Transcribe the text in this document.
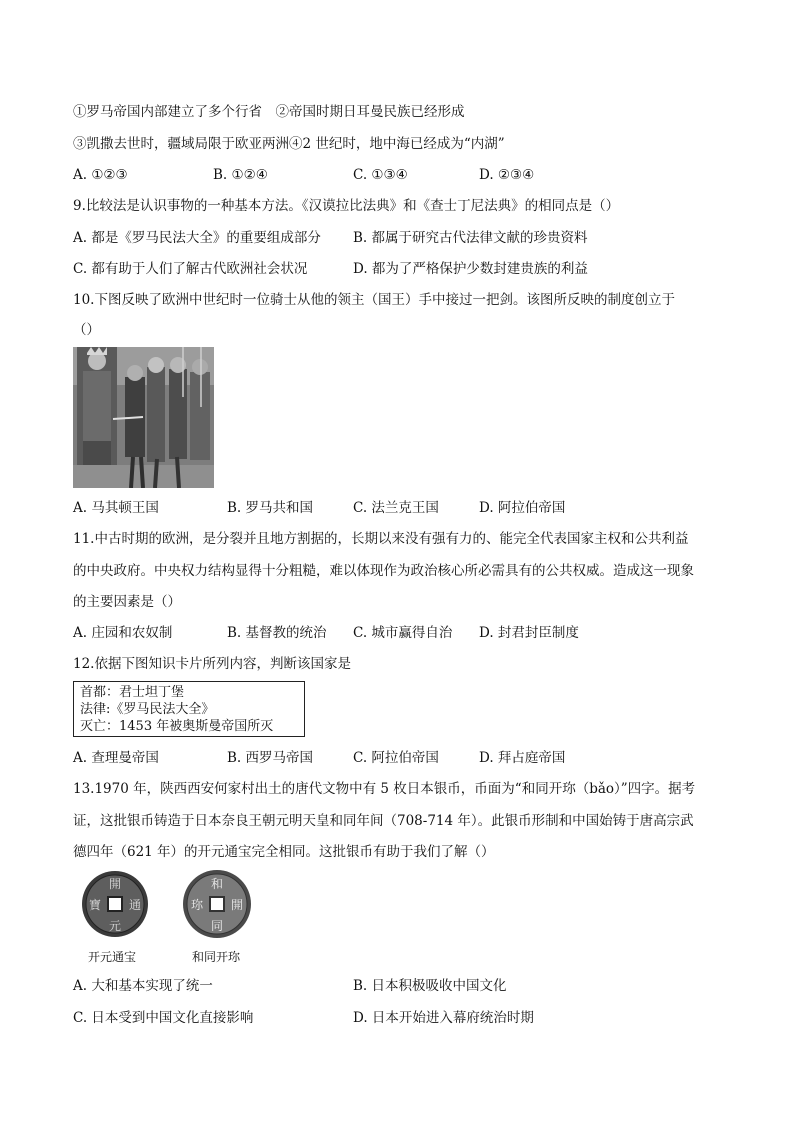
①罗马帝国内部建立了多个行省　②帝国时期日耳曼民族已经形成
③凯撒去世时，疆域局限于欧亚两洲④2 世纪时，地中海已经成为“内湖”
A. ①②③	B. ①②④	C. ①③④	D. ②③④
9.比较法是认识事物的一种基本方法。《汉谟拉比法典》和《查士丁尼法典》的相同点是（）
A. 都是《罗马民法大全》的重要组成部分 B. 都属于研究古代法律文献的珍贵资料
C. 都有助于人们了解古代欧洲社会状况	D. 都为了严格保护少数封建贵族的利益
10.下图反映了欧洲中世纪时一位骑士从他的领主（国王）手中接过一把剑。该图所反映的制度创立于
（）
A. 马其顿王国	B. 罗马共和国	C. 法兰克王国	D. 阿拉伯帝国
11.中古时期的欧洲，是分裂并且地方割据的，长期以来没有强有力的、能完全代表国家主权和公共利益
的中央政府。中央权力结构显得十分粗糙，难以体现作为政治核心所必需具有的公共权威。造成这一现象
的主要因素是（）
A. 庄园和农奴制	B. 基督教的统治 C. 城市赢得自治 D. 封君封臣制度
12.依据下图知识卡片所列内容，判断该国家是
首都：君士坦丁堡
法律:《罗马民法大全》
灭亡：1453 年被奥斯曼帝国所灭
A. 查理曼帝国	B. 西罗马帝国	C. 阿拉伯帝国	D. 拜占庭帝国
13.1970 年，陕西西安何家村出土的唐代文物中有 5 枚日本银币，币面为“和同开珎（bǎo）”四字。据考
证，这批银币铸造于日本奈良王朝元明天皇和同年间（708-714 年）。此银币形制和中国始铸于唐高宗武
德四年（621 年）的开元通宝完全相同。这批银币有助于我们了解（）
開
元
通
寶
和
同
開
珎
开元通宝	和同开珎
A. 大和基本实现了统一	B. 日本积极吸收中国文化
C. 日本受到中国文化直接影响	D. 日本开始进入幕府统治时期
